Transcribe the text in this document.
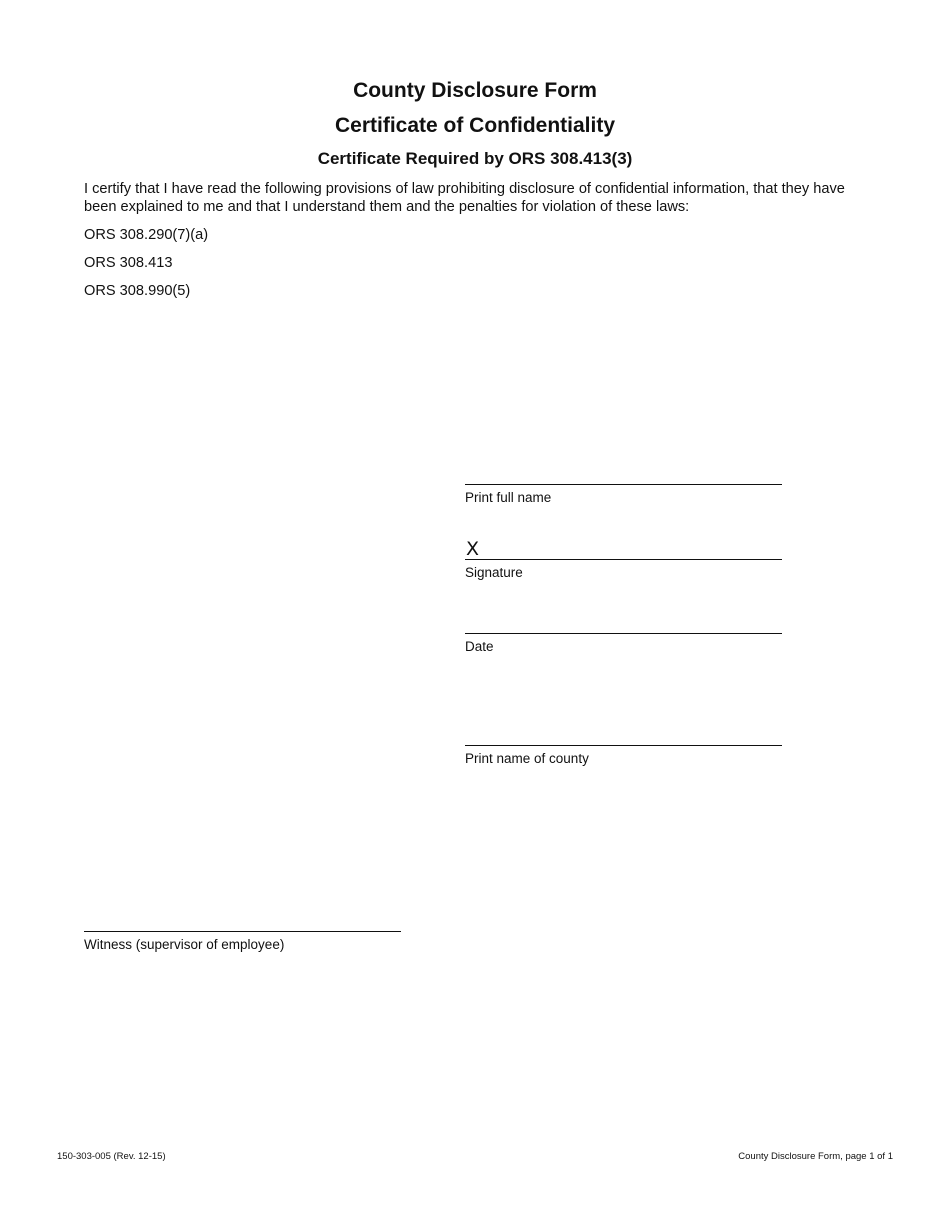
County Disclosure Form
Certificate of Confidentiality
Certificate Required by ORS 308.413(3)

I certify that I have read the following provisions of law prohibiting disclosure of confidential information, that they have been explained to me and that I understand them and the penalties for violation of these laws:

ORS 308.290(7)(a)

ORS 308.413

ORS 308.990(5)

Print full name
X
Signature
Date
Print name of county
Witness (supervisor of employee)
150-303-005 (Rev. 12-15)	County Disclosure Form, page 1 of 1
